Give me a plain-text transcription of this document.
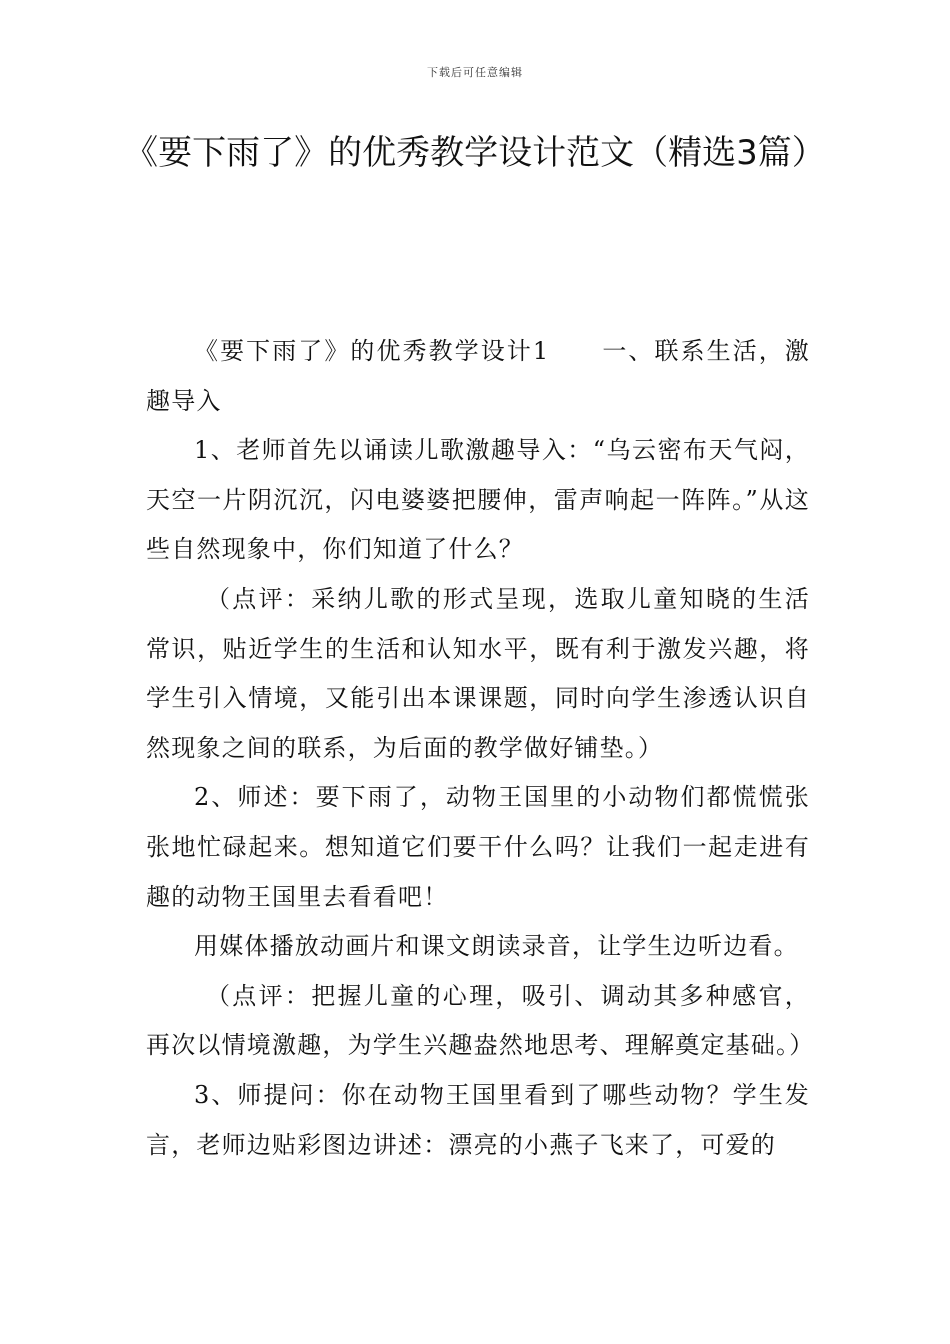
下载后可任意编辑
《要下雨了》的优秀教学设计范文（精选3篇）

《要下雨了》的优秀教学设计1　　一、联系生活，激趣导入

1、老师首先以诵读儿歌激趣导入：“乌云密布天气闷，天空一片阴沉沉，闪电婆婆把腰伸，雷声响起一阵阵。”从这些自然现象中，你们知道了什么？

（点评：采纳儿歌的形式呈现，选取儿童知晓的生活常识，贴近学生的生活和认知水平，既有利于激发兴趣，将学生引入情境，又能引出本课课题，同时向学生渗透认识自然现象之间的联系，为后面的教学做好铺垫。）

2、师述：要下雨了，动物王国里的小动物们都慌慌张张地忙碌起来。想知道它们要干什么吗？让我们一起走进有趣的动物王国里去看看吧！

用媒体播放动画片和课文朗读录音，让学生边听边看。

（点评：把握儿童的心理，吸引、调动其多种感官，再次以情境激趣，为学生兴趣盎然地思考、理解奠定基础。）

3、师提问：你在动物王国里看到了哪些动物？学生发言，老师边贴彩图边讲述：漂亮的小燕子飞来了，可爱的
